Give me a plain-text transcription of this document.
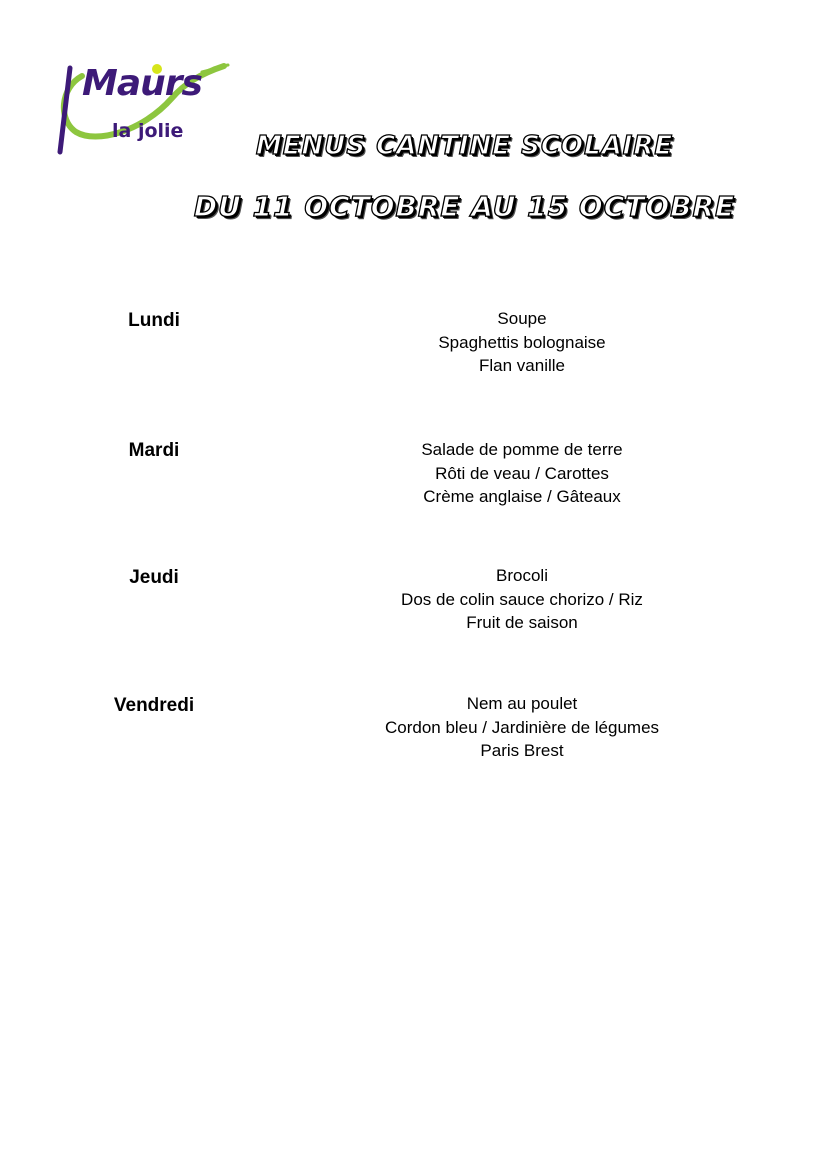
Maurs
la jolie	MENUS CANTINE SCOLAIRE
DU 11 OCTOBRE AU 15 OCTOBRE
Lundi	Soupe
Spaghettis bolognaise
Flan vanille
Mardi	Salade de pomme de terre
Rôti de veau / Carottes
Crème anglaise / Gâteaux
Jeudi	Brocoli
Dos de colin sauce chorizo / Riz
Fruit de saison
Vendredi	Nem au poulet
Cordon bleu / Jardinière de légumes
Paris Brest
